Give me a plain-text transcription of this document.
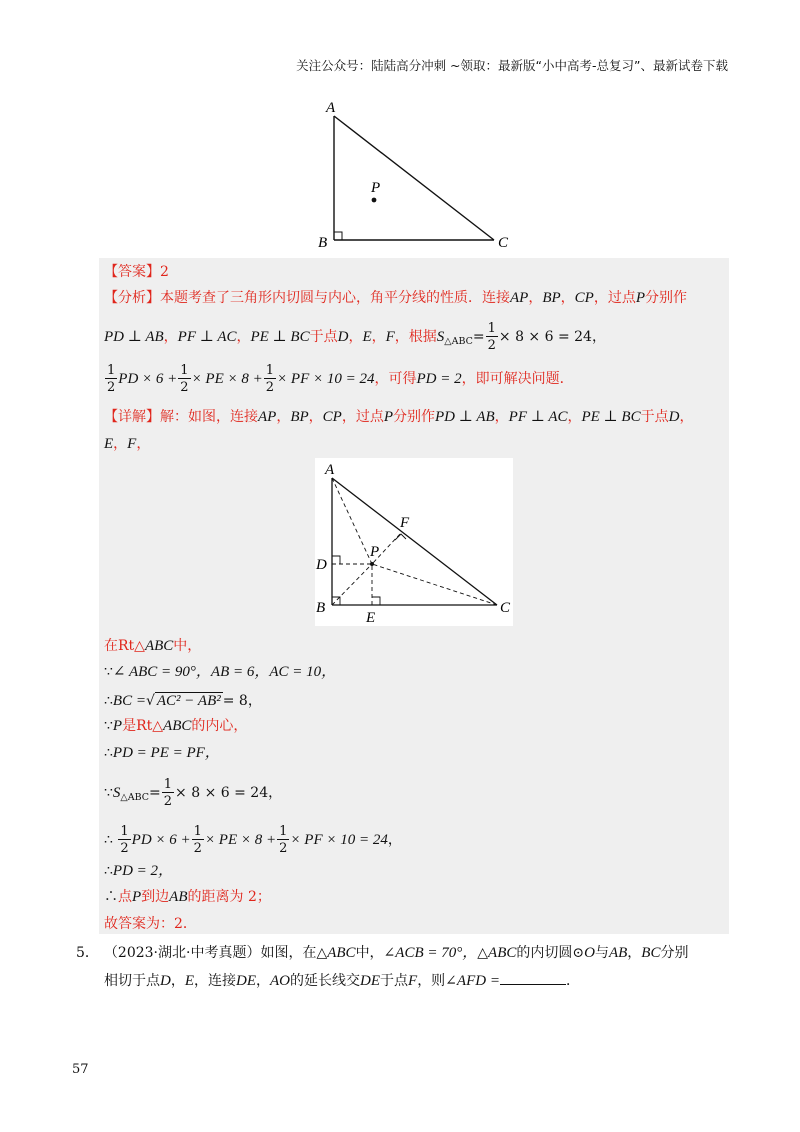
关注公众号：陆陆高分冲刺 ~领取：最新版“小中高考-总复习”、最新试卷下载
A
P
B	C
【答案】2
【分析】本题考查了三角形内切圆与内心，角平分线的性质．连接AP，BP，CP，过点P分别作
PD ⊥ AB，PF ⊥ AC，PE ⊥ BC于点D，E，F，根据$S_{\triangle ABC}= \frac{1}{2} \times 8 \times 6 = 24$，
$\frac{1}{2}$ PD × $6 + \frac{1}{2}$ × PE × $8 + \frac{1}{2}$ × PF × 10 = 24，可得PD = 2，即可解决问题．
【详解】解：如图，连接AP，BP，CP，过点P分别作PD ⊥ AB，PF ⊥ AC，PE ⊥ BC于点D，
E，F，
A
F
P
D
B
E
C
在Rt△ABC中，
∵∠ ABC = 90°，AB = 6，AC = 10，
∴BC =√ AC² − AB² = 8，
∵P是Rt△ABC的内心，
∴PD = PE = PF，
$\because S_{\triangle ABC}= \frac{1}{2} \times 8 \times 6 = 24$，
∴ $\frac{1}{2}$ PD × $6 + \frac{1}{2}$ × PE × $8 + \frac{1}{2}$ × PF × 10 = 24，
∴PD = 2，
∴点P到边AB的距离为 2；
故答案为：2．
5． （2023·湖北·中考真题）如图，在△ABC中，∠ACB = 70°，△ABC的内切圆⊙O与AB，BC分别
相切于点D，E，连接DE，AO的延长线交DE于点F，则∠AFD =	．
57
